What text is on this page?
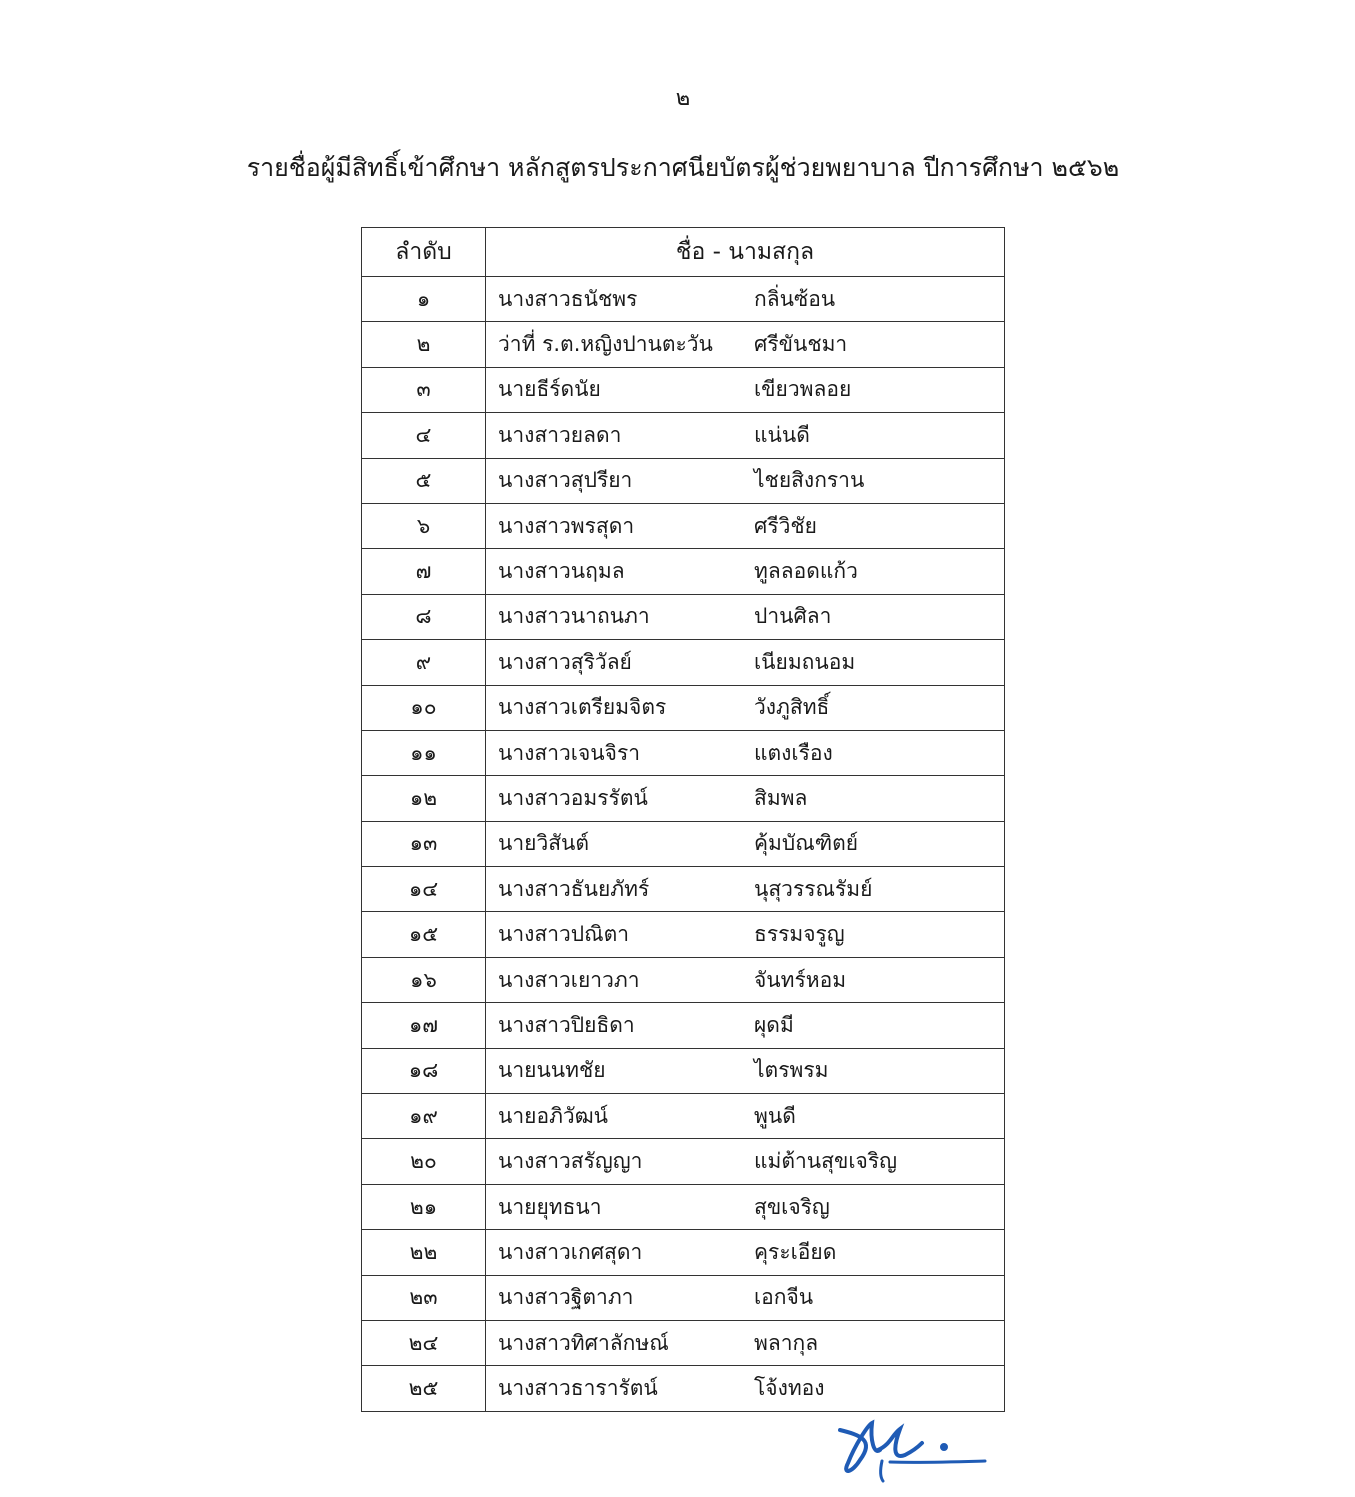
๒
รายชื่อผู้มีสิทธิ์เข้าศึกษา หลักสูตรประกาศนียบัตรผู้ช่วยพยาบาล ปีการศึกษา ๒๕๖๒
ลำดับ	ชื่อ - นามสกุล
๑	นางสาวธนัชพร กลิ่นซ้อน
๒	ว่าที่ ร.ต.หญิงปานตะวัน ศรีขันชมา
๓	นายธีร์ดนัย เขียวพลอย
๔	นางสาวยลดา แน่นดี
๕	นางสาวสุปรียา ไชยสิงกราน
๖	นางสาวพรสุดา ศรีวิชัย
๗	นางสาวนฤมล ทูลลอดแก้ว
๘	นางสาวนาถนภา ปานศิลา
๙	นางสาวสุริวัลย์ เนียมถนอม
๑๐	นางสาวเตรียมจิตร วังภูสิทธิ์
๑๑	นางสาวเจนจิรา แตงเรือง
๑๒	นางสาวอมรรัตน์ สิมพล
๑๓	นายวิสันต์ คุ้มบัณฑิตย์
๑๔	นางสาวธันยภัทร์ นุสุวรรณรัมย์
๑๕	นางสาวปณิตา ธรรมจรูญ
๑๖	นางสาวเยาวภา จันทร์หอม
๑๗	นางสาวปิยธิดา ผุดมี
๑๘	นายนนทชัย ไตรพรม
๑๙	นายอภิวัฒน์ พูนดี
๒๐	นางสาวสรัญญา แม่ต้านสุขเจริญ
๒๑	นายยุทธนา สุขเจริญ
๒๒	นางสาวเกศสุดา คุระเอียด
๒๓	นางสาวฐิตาภา เอกจีน
๒๔	นางสาวทิศาลักษณ์ พลากุล
๒๕	นางสาวธารารัตน์ โจ้งทอง
